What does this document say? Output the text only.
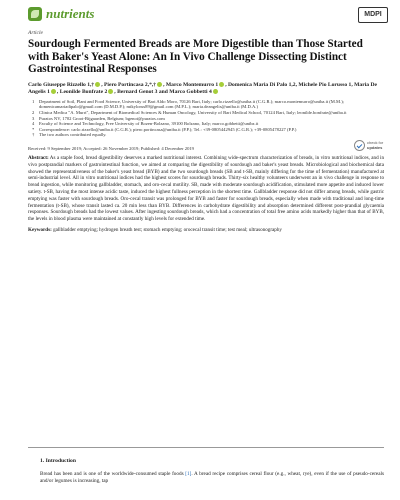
nutrients	MDPI
Article
Sourdough Fermented Breads are More Digestible than Those Started with Baker's Yeast Alone: An In Vivo Challenge Dissecting Distinct Gastrointestinal Responses
Carlo Giuseppe Rizzello 1,† , Piero Portincasa 2,*,† , Marco Montemurro 1 , Domenica Maria Di Palo 1,2, Michele Pio Lorusso 1, Maria De Angelis 1 , Leonilde Bonfrate 2 , Bernard Genot 3 and Marco Gobbetti 4
1	Department of Soil, Plant and Food Science, University of Bari Aldo Moro, 70126 Bari, Italy; carlo.rizzello@uniba.it (C.G.R.); marco.montemurro@uniba.it (M.M.); domenicamariadipalo@gmail.com (D.M.D.P.); mikylorus89@gmail.com (M.P.L.); maria.deangelis@uniba.it (M.D.A.)
2	Clinica Medica "A. Murri", Department of Biomedical Sciences & Human Oncology, University of Bari Medical School, 70124 Bari, Italy; leonilde.bonfrate@uniba.it
3	Puratos NV, 1702 Groot-Bijgaarden, Belgium; bgenot@puratos.com
4	Faculty of Science and Technology, Free University of Bozen-Bolzano, 39100 Bolzano, Italy; marco.gobbetti@unibz.it
*	Correspondence: carlo.rizzello@uniba.it (C.G.R.); piero.portincasa@uniba.it (P.P.); Tel.: +39-0805442945 (C.G.R.); +39-0805478227 (P.P.)
†	The two authors contributed equally.
Received: 9 September 2019; Accepted: 26 November 2019; Published: 4 December 2019
check for
updates
Abstract: As a staple food, bread digestibility deserves a marked nutritional interest. Combining wide-spectrum characterization of breads, in vitro nutritional indices, and in vivo postprandial markers of gastrointestinal function, we aimed at comparing the digestibility of sourdough and baker's yeast breads. Microbiological and biochemical data showed the representativeness of the baker's yeast bread (BYB) and the two sourdough breads (SB and t-SB, mainly differing for the time of fermentation) manufactured at semi-industrial level. All in vitro nutritional indices had the highest scores for sourdough breads. Thirty-six healthy volunteers underwent an in vivo challenge in response to bread ingestion, while monitoring gallbladder, stomach, and oro-cecal motility. SB, made with moderate sourdough acidification, stimulated more appetite and induced lower satiety. t-SB, having the most intense acidic taste, induced the highest fullness perception in the shortest time. Gallbladder response did not differ among breads, while gastric emptying was faster with sourdough breads. Oro-cecal transit was prolonged for BYB and faster for sourdough breads, especially when made with traditional and long-time fermentation (t-SB), whose transit lasted ca. 20 min less than BYB. Differences in carbohydrate digestibility and absorption determined different post-prandial glycaemia responses. Sourdough breads had the lowest values. After ingesting sourdough breads, which had a concentration of total free amino acids markedly higher than that of BYB, the levels in blood plasma were maintained at constantly high levels for extended time.
Keywords: gallbladder emptying; hydrogen breath test; stomach emptying; orocecal transit time; test meal; ultrasonography
1. Introduction
Bread has been and is one of the worldwide-consumed staple foods [1]. A bread recipe comprises cereal flour (e.g., wheat, rye), even if the use of pseudo-cereals and/or legumes is increasing, tap
